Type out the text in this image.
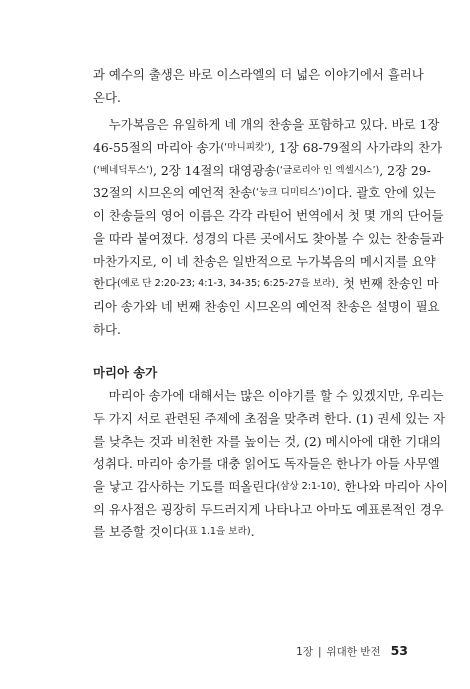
과 예수의 출생은 바로 이스라엘의 더 넓은 이야기에서 흘러나
온다.
누가복음은 유일하게 네 개의 찬송을 포함하고 있다. 바로 1장
46-55절의 마리아 송가 (‘마니피캇’) , 1장 68-79절의 사가랴의 찬가
(‘베네딕투스’) , 2장 14절의 대영광송 (‘글로리아 인 엑셀시스’) , 2장 29-
32절의 시므온의 예언적 찬송 (‘눙크 디미티스’) 이다. 괄호 안에 있는
이 찬송들의 영어 이름은 각각 라틴어 번역에서 첫 몇 개의 단어들
을 따라 붙여졌다. 성경의 다른 곳에서도 찾아볼 수 있는 찬송들과
마찬가지로, 이 네 찬송은 일반적으로 누가복음의 메시지를 요약
한다 (예로 단 2:20-23; 4:1-3, 34-35; 6:25-27을 보라) . 첫 번째 찬송인 마
리아 송가와 네 번째 찬송인 시므온의 예언적 찬송은 설명이 필요
하다.
마리아 송가
마리아 송가에 대해서는 많은 이야기를 할 수 있겠지만, 우리는
두 가지 서로 관련된 주제에 초점을 맞추려 한다. (1) 권세 있는 자
를 낮추는 것과 비천한 자를 높이는 것, (2) 메시아에 대한 기대의
성취다. 마리아 송가를 대충 읽어도 독자들은 한나가 아들 사무엘
을 낳고 감사하는 기도를 떠올린다 (삼상 2:1-10) . 한나와 마리아 사이
의 유사점은 굉장히 두드러지게 나타나고 아마도 예표론적인 경우
를 보증할 것이다 (표 1.1을 보라) .
1장 | 위대한 반전 53
